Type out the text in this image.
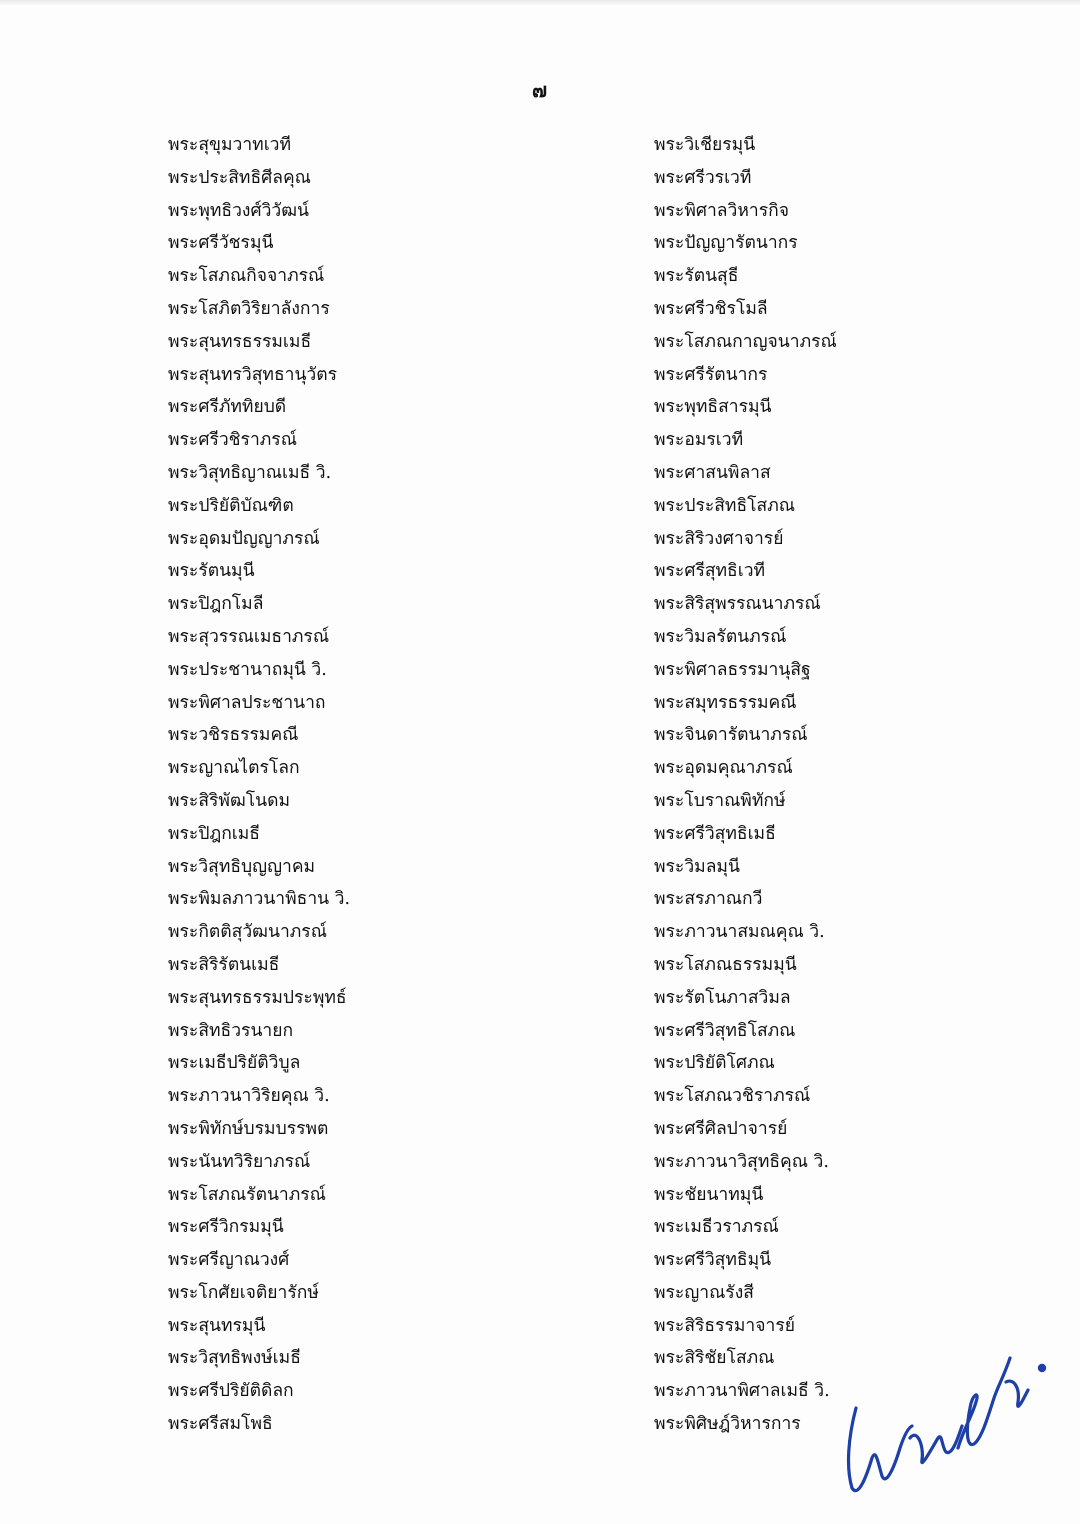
๗
พระสุขุมวาทเวที
พระประสิทธิศีลคุณ
พระพุทธิวงศ์วิวัฒน์
พระศรีวัชรมุนี
พระโสภณกิจจาภรณ์
พระโสภิตวิริยาลังการ
พระสุนทรธรรมเมธี
พระสุนทรวิสุทธานุวัตร
พระศรีภัททิยบดี
พระศรีวชิราภรณ์
พระวิสุทธิญาณเมธี วิ.
พระปริยัติบัณฑิต
พระอุดมปัญญาภรณ์
พระรัตนมุนี
พระปิฎกโมลี
พระสุวรรณเมธาภรณ์
พระประชานาถมุนี วิ.
พระพิศาลประชานาถ
พระวชิรธรรมคณี
พระญาณไตรโลก
พระสิริพัฒโนดม
พระปิฎกเมธี
พระวิสุทธิบุญญาคม
พระพิมลภาวนาพิธาน วิ.
พระกิตติสุวัฒนาภรณ์
พระสิริรัตนเมธี
พระสุนทรธรรมประพุทธ์
พระสิทธิวรนายก
พระเมธีปริยัติวิบูล
พระภาวนาวิริยคุณ วิ.
พระพิทักษ์บรมบรรพต
พระนันทวิริยาภรณ์
พระโสภณรัตนาภรณ์
พระศรีวิกรมมุนี
พระศรีญาณวงศ์
พระโกศัยเจติยารักษ์
พระสุนทรมุนี
พระวิสุทธิพงษ์เมธี
พระศรีปริยัติดิลก
พระศรีสมโพธิ
พระวิเชียรมุนี
พระศรีวรเวที
พระพิศาลวิหารกิจ
พระปัญญารัตนากร
พระรัตนสุธี
พระศรีวชิรโมลี
พระโสภณกาญจนาภรณ์
พระศรีรัตนากร
พระพุทธิสารมุนี
พระอมรเวที
พระศาสนพิลาส
พระประสิทธิโสภณ
พระสิริวงศาจารย์
พระศรีสุทธิเวที
พระสิริสุพรรณนาภรณ์
พระวิมลรัตนภรณ์
พระพิศาลธรรมานุสิฐ
พระสมุทรธรรมคณี
พระจินดารัตนาภรณ์
พระอุดมคุณาภรณ์
พระโบราณพิทักษ์
พระศรีวิสุทธิเมธี
พระวิมลมุนี
พระสรภาณกวี
พระภาวนาสมณคุณ วิ.
พระโสภณธรรมมุนี
พระรัตโนภาสวิมล
พระศรีวิสุทธิโสภณ
พระปริยัติโศภณ
พระโสภณวชิราภรณ์
พระศรีศิลปาจารย์
พระภาวนาวิสุทธิคุณ วิ.
พระชัยนาทมุนี
พระเมธีวราภรณ์
พระศรีวิสุทธิมุนี
พระญาณรังสี
พระสิริธรรมาจารย์
พระสิริชัยโสภณ
พระภาวนาพิศาลเมธี วิ.
พระพิศิษฎ์วิหารการ
